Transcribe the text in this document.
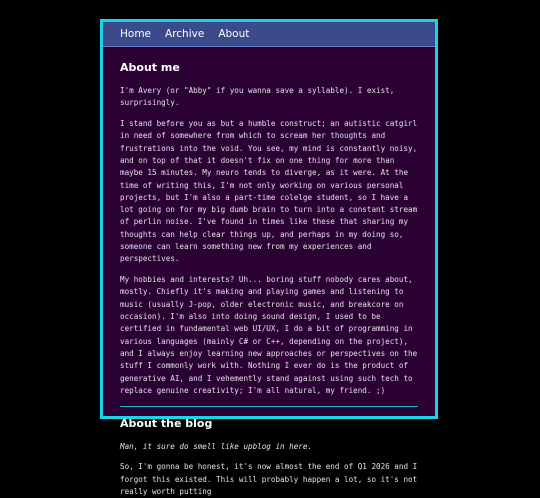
Home Archive About
About me

I'm Avery (or "Abby" if you wanna save a syllable). I exist, surprisingly.

I stand before you as but a humble construct; an autistic catgirl in need of somewhere from which to scream her thoughts and frustrations into the void. You see, my mind is constantly noisy, and on top of that it doesn't fix on one thing for more than maybe 15 minutes. My neuro tends to diverge, as it were. At the time of writing this, I'm not only working on various personal projects, but I'm also a part-time colelge student, so I have a lot going on for my big dumb brain to turn into a constant stream of perlin noise. I've found in times like these that sharing my thoughts can help clear things up, and perhaps in my doing so, someone can learn something new from my experiences and perspectives.

My hobbies and interests? Uh... boring stuff nobody cares about, mostly. Chiefly it's making and playing games and listening to music (usually J-pop, older electronic music, and breakcore on occasion). I'm also into doing sound design, I used to be certified in fundamental web UI/UX, I do a bit of programming in various languages (mainly C# or C++, depending on the project), and I always enjoy learning new approaches or perspectives on the stuff I commonly work with. Nothing I ever do is the product of generative AI, and I vehemently stand against using such tech to replace genuine creativity; I'm all natural, my friend. ;)

About the blog

Man, it sure do smell like upblog in here.

So, I'm gonna be honest, it's now almost the end of Q1 2026 and I forgot this existed. This will probably happen a lot, so it's not really worth putting
